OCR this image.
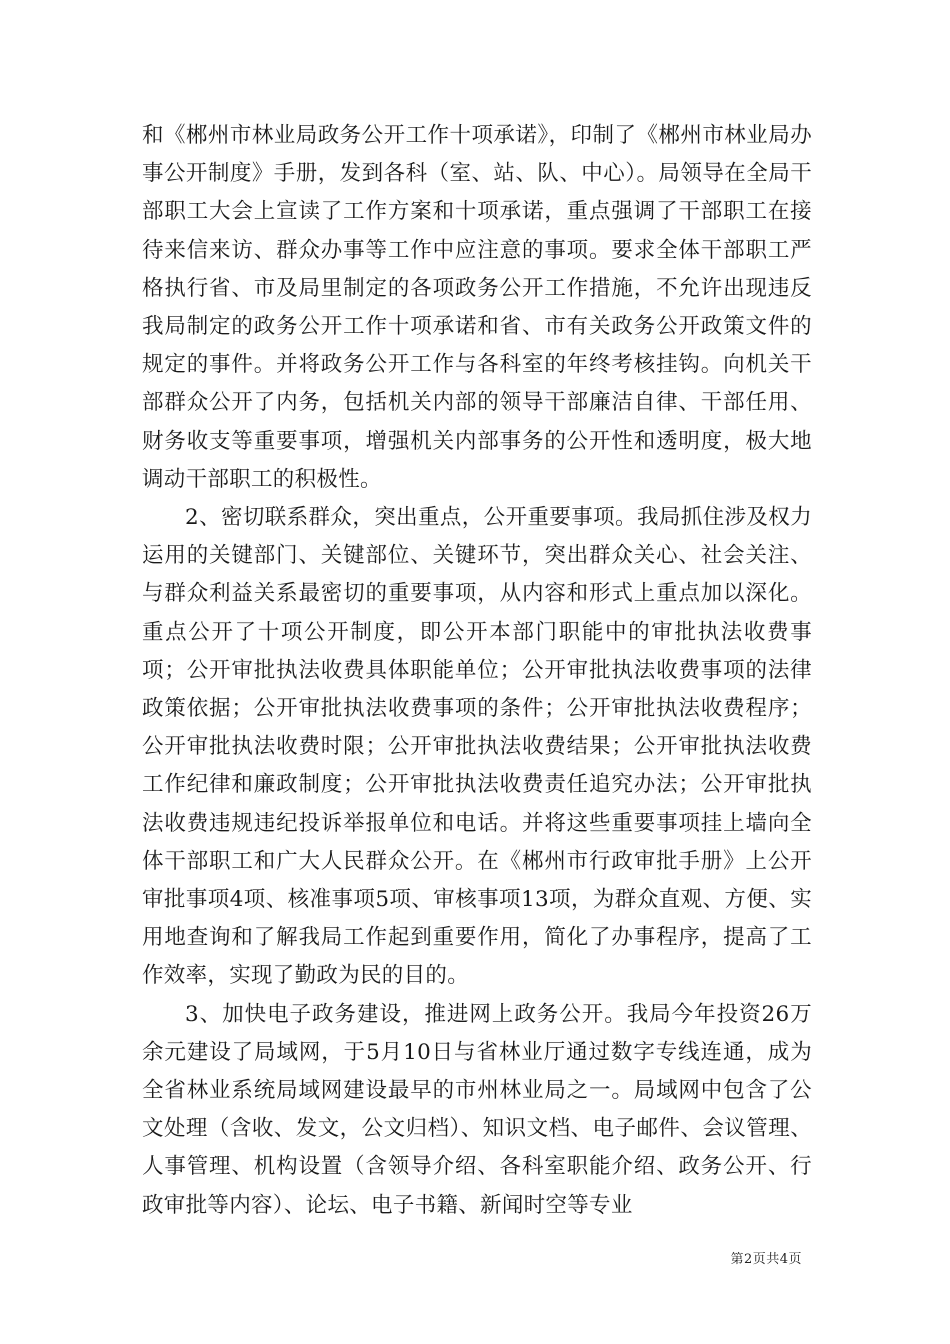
和《郴州市林业局政务公开工作十项承诺》，印制了《郴州市林业局办事公开制度》手册，发到各科（室、站、队、中心）。局领导在全局干部职工大会上宣读了工作方案和十项承诺，重点强调了干部职工在接待来信来访、群众办事等工作中应注意的事项。要求全体干部职工严格执行省、市及局里制定的各项政务公开工作措施，不允许出现违反我局制定的政务公开工作十项承诺和省、市有关政务公开政策文件的规定的事件。并将政务公开工作与各科室的年终考核挂钩。向机关干部群众公开了内务，包括机关内部的领导干部廉洁自律、干部任用、财务收支等重要事项，增强机关内部事务的公开性和透明度，极大地调动干部职工的积极性。

2、密切联系群众，突出重点，公开重要事项。我局抓住涉及权力运用的关键部门、关键部位、关键环节，突出群众关心、社会关注、与群众利益关系最密切的重要事项，从内容和形式上重点加以深化。重点公开了十项公开制度，即公开本部门职能中的审批执法收费事项；公开审批执法收费具体职能单位；公开审批执法收费事项的法律政策依据；公开审批执法收费事项的条件；公开审批执法收费程序；公开审批执法收费时限；公开审批执法收费结果；公开审批执法收费工作纪律和廉政制度；公开审批执法收费责任追究办法；公开审批执法收费违规违纪投诉举报单位和电话。并将这些重要事项挂上墙向全体干部职工和广大人民群众公开。在《郴州市行政审批手册》上公开审批事项4项、核准事项5项、审核事项13项，为群众直观、方便、实用地查询和了解我局工作起到重要作用，简化了办事程序，提高了工作效率，实现了勤政为民的目的。

3、加快电子政务建设，推进网上政务公开。我局今年投资26万余元建设了局域网，于5月10日与省林业厅通过数字专线连通，成为全省林业系统局域网建设最早的市州林业局之一。局域网中包含了公文处理（含收、发文，公文归档）、知识文档、电子邮件、会议管理、人事管理、机构设置（含领导介绍、各科室职能介绍、政务公开、行政审批等内容）、论坛、电子书籍、新闻时空等专业

第2页共4页
